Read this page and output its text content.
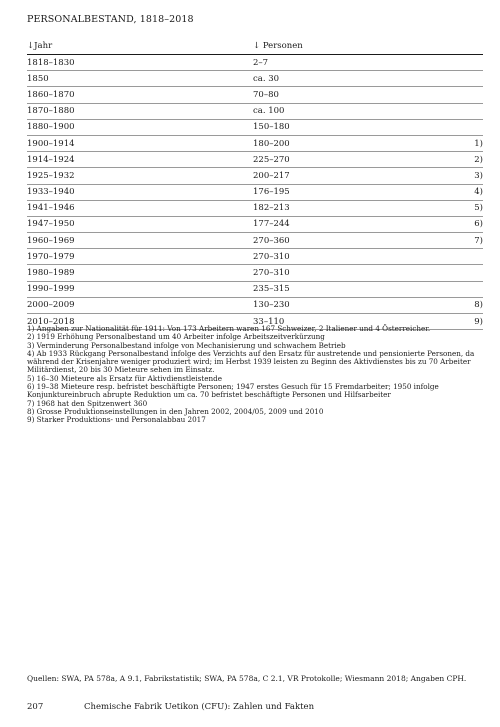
PERSONALBESTAND, 1818–2018
↓Jahr	↓ Personen
1818–1830	2–7
1850	ca. 30
1860–1870	70–80
1870–1880	ca. 100
1880–1900	150–180
1900–1914	180–200	1)
1914–1924	225–270	2)
1925–1932	200–217	3)
1933–1940	176–195	4)
1941–1946	182–213	5)
1947–1950	177–244	6)
1960–1969	270–360	7)
1970–1979	270–310
1980–1989	270–310
1990–1999	235–315
2000–2009	130–230	8)
2010–2018	33–110	9)

1) Angaben zur Nationalität für 1911: Von 173 Arbeitern waren 167 Schweizer, 2 Italiener und 4 Österreicher.

2) 1919 Erhöhung Personalbestand um 40 Arbeiter infolge Arbeitszeitverkürzung

3) Verminderung Personalbestand infolge von Mechanisierung und schwachem Betrieb

4) Ab 1933 Rückgang Personalbestand infolge des Verzichts auf den Ersatz für austretende und pensionierte Personen, da während der Krisenjahre weniger produziert wird; im Herbst 1939 leisten zu Beginn des Aktivdienstes bis zu 70 Arbeiter Militärdienst, 20 bis 30 Mieteure sehen im Einsatz.

5) 16–30 Mieteure als Ersatz für Aktivdienstleistende

6) 19–38 Mieteure resp. befristet beschäftigte Personen; 1947 erstes Gesuch für 15 Fremdarbeiter; 1950 infolge Konjunktureinbruch abrupte Reduktion um ca. 70 befristet beschäftigte Personen und Hilfsarbeiter

7) 1968 hat den Spitzenwert 360

8) Grosse Produktionseinstellungen in den Jahren 2002, 2004/05, 2009 und 2010

9) Starker Produktions- und Personalabbau 2017

Quellen: SWA, PA 578a, A 9.1, Fabrikstatistik; SWA, PA 578a, C 2.1, VR Protokolle; Wiesmann 2018; Angaben CPH.
207	Chemische Fabrik Uetikon (CFU): Zahlen und Fakten
